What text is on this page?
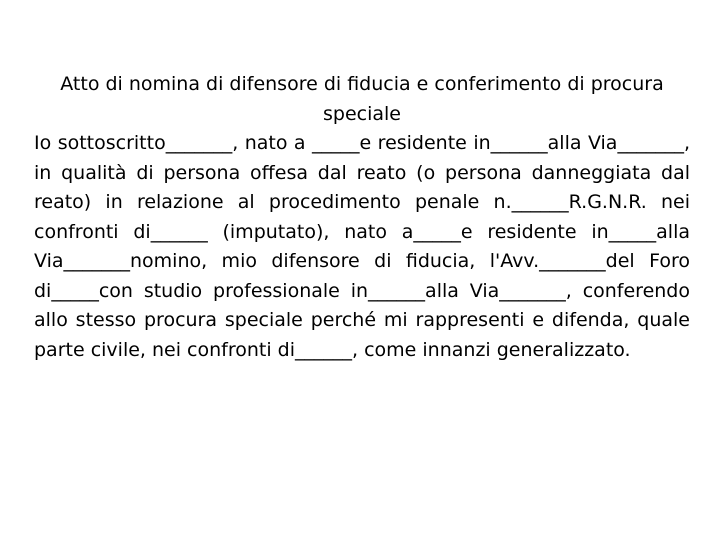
Atto di nomina di difensore di fiducia e conferimento di procura speciale

Io sottoscritto_______, nato a _____e residente in______alla Via_______, in qualità di persona offesa dal reato (o persona danneggiata dal reato) in relazione al procedimento penale n.______R.G.N.R. nei confronti di______ (imputato), nato a_____e residente in_____alla Via_______nomino, mio difensore di fiducia, l'Avv._______del Foro di_____con studio professionale in______alla Via_______, conferendo allo stesso procura speciale perché mi rappresenti e difenda, quale parte civile, nei confronti di______, come innanzi generalizzato.
